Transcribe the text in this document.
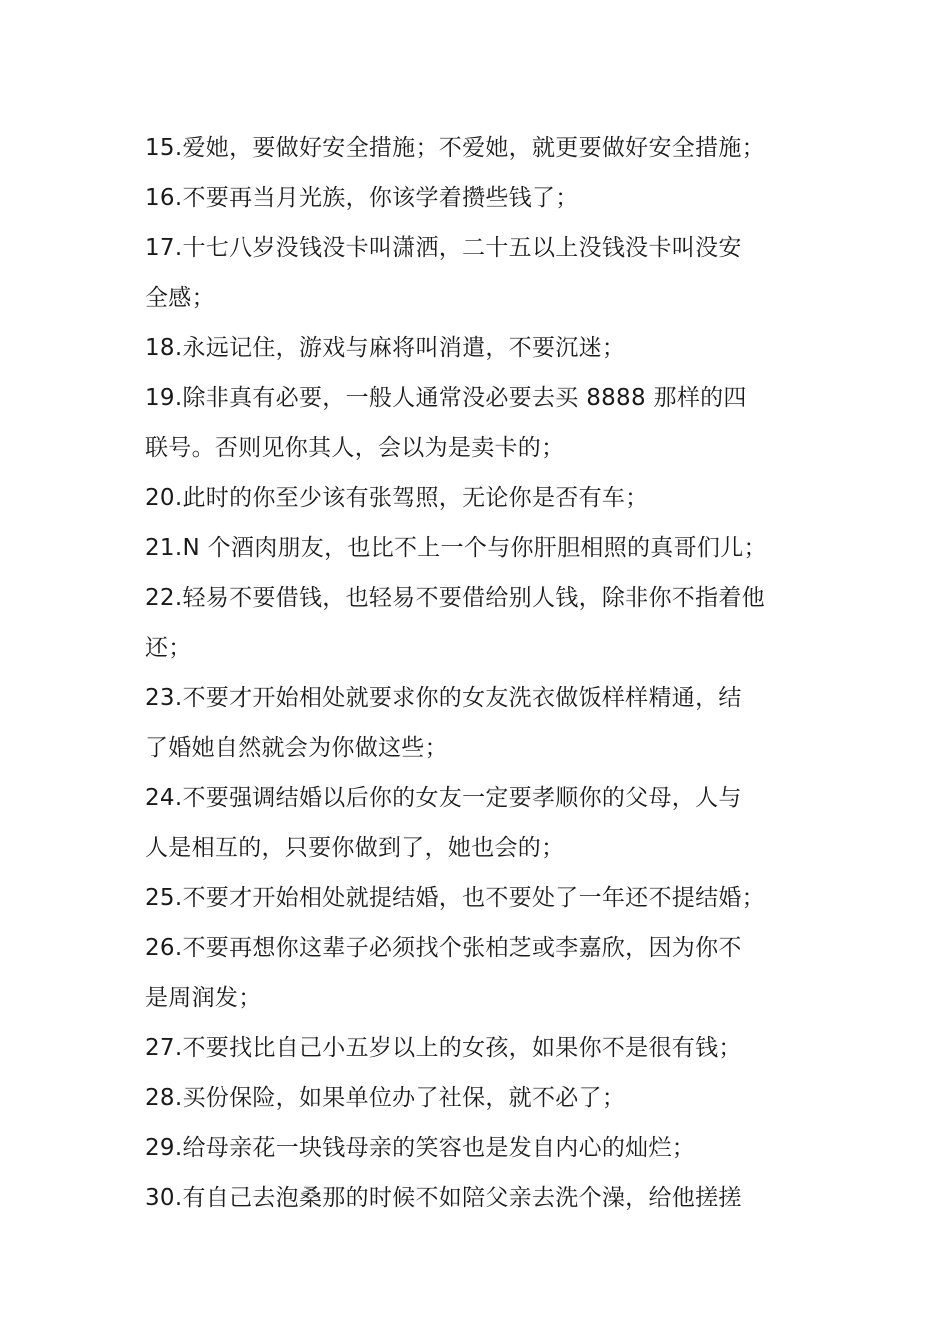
15.爱她，要做好安全措施；不爱她，就更要做好安全措施；
16.不要再当月光族，你该学着攒些钱了；
17.十七八岁没钱没卡叫潇洒，二十五以上没钱没卡叫没安
全感；
18.永远记住，游戏与麻将叫消遣，不要沉迷；
19.除非真有必要，一般人通常没必要去买 8888 那样的四
联号。否则见你其人，会以为是卖卡的；
20.此时的你至少该有张驾照，无论你是否有车；
21.N 个酒肉朋友，也比不上一个与你肝胆相照的真哥们儿；
22.轻易不要借钱，也轻易不要借给别人钱，除非你不指着他
还；
23.不要才开始相处就要求你的女友洗衣做饭样样精通，结
了婚她自然就会为你做这些；
24.不要强调结婚以后你的女友一定要孝顺你的父母，人与
人是相互的，只要你做到了，她也会的；
25.不要才开始相处就提结婚，也不要处了一年还不提结婚；
26.不要再想你这辈子必须找个张柏芝或李嘉欣，因为你不
是周润发；
27.不要找比自己小五岁以上的女孩，如果你不是很有钱；
28.买份保险，如果单位办了社保，就不必了；
29.给母亲花一块钱母亲的笑容也是发自内心的灿烂；
30.有自己去泡桑那的时候不如陪父亲去洗个澡，给他搓搓
